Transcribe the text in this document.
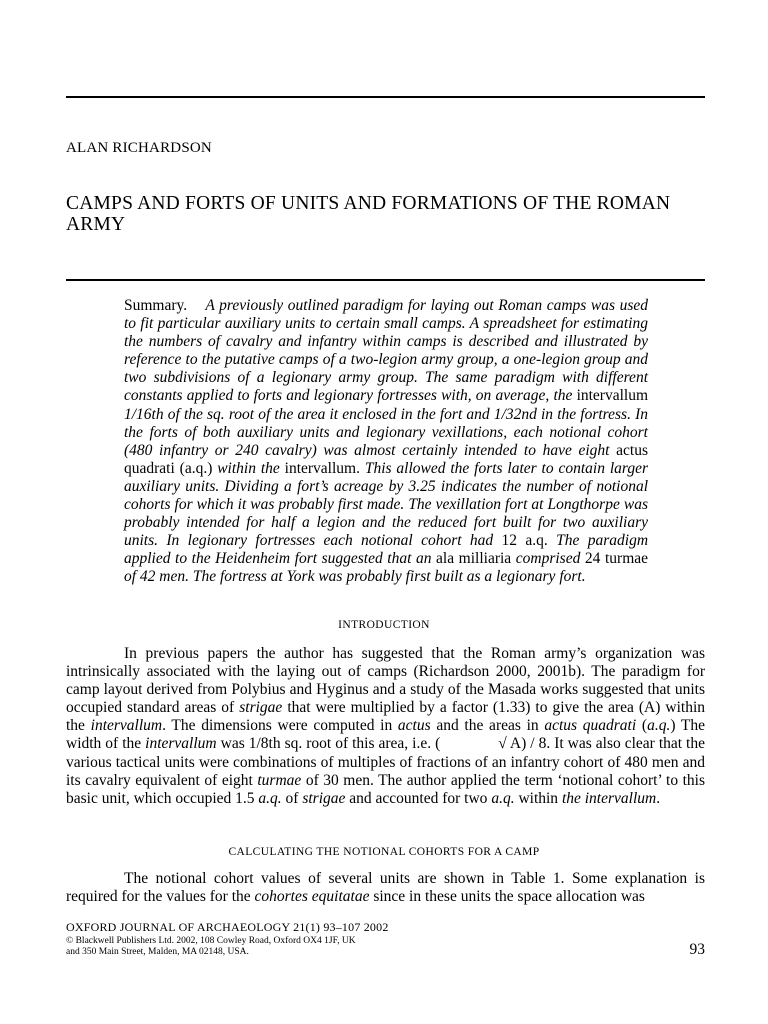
ALAN RICHARDSON
CAMPS AND FORTS OF UNITS AND FORMATIONS OF THE ROMAN ARMY
Summary. A previously outlined paradigm for laying out Roman camps was used to fit particular auxiliary units to certain small camps. A spreadsheet for estimating the numbers of cavalry and infantry within camps is described and illustrated by reference to the putative camps of a two-legion army group, a one-legion group and two subdivisions of a legionary army group. The same paradigm with different constants applied to forts and legionary fortresses with, on average, the intervallum 1/16th of the sq. root of the area it enclosed in the fort and 1/32nd in the fortress. In the forts of both auxiliary units and legionary vexillations, each notional cohort (480 infantry or 240 cavalry) was almost certainly intended to have eight actus quadrati (a.q.) within the intervallum. This allowed the forts later to contain larger auxiliary units. Dividing a fort’s acreage by 3.25 indicates the number of notional cohorts for which it was probably first made. The vexillation fort at Longthorpe was probably intended for half a legion and the reduced fort built for two auxiliary units. In legionary fortresses each notional cohort had 12 a.q. The paradigm applied to the Heidenheim fort suggested that an ala milliaria comprised 24 turmae of 42 men. The fortress at York was probably first built as a legionary fort.
INTRODUCTION
In previous papers the author has suggested that the Roman army’s organization was intrinsically associated with the laying out of camps (Richardson 2000, 2001b). The paradigm for camp layout derived from Polybius and Hyginus and a study of the Masada works suggested that units occupied standard areas of strigae that were multiplied by a factor (1.33) to give the area (A) within the intervallum. The dimensions were computed in actus and the areas in actus quadrati (a.q.) The width of the intervallum was 1/8th sq. root of this area, i.e. (	√ A) / 8. It was also clear that the various tactical units were combinations of multiples of fractions of an infantry cohort of 480 men and its cavalry equivalent of eight turmae of 30 men. The author applied the term ‘notional cohort’ to this basic unit, which occupied 1.5 a.q. of strigae and accounted for two a.q. within the intervallum.
CALCULATING THE NOTIONAL COHORTS FOR A CAMP
The notional cohort values of several units are shown in Table 1. Some explanation is required for the values for the cohortes equitatae since in these units the space allocation was
OXFORD JOURNAL OF ARCHAEOLOGY 21(1) 93–107 2002
© Blackwell Publishers Ltd. 2002, 108 Cowley Road, Oxford OX4 1JF, UK
and 350 Main Street, Malden, MA 02148, USA.	93
